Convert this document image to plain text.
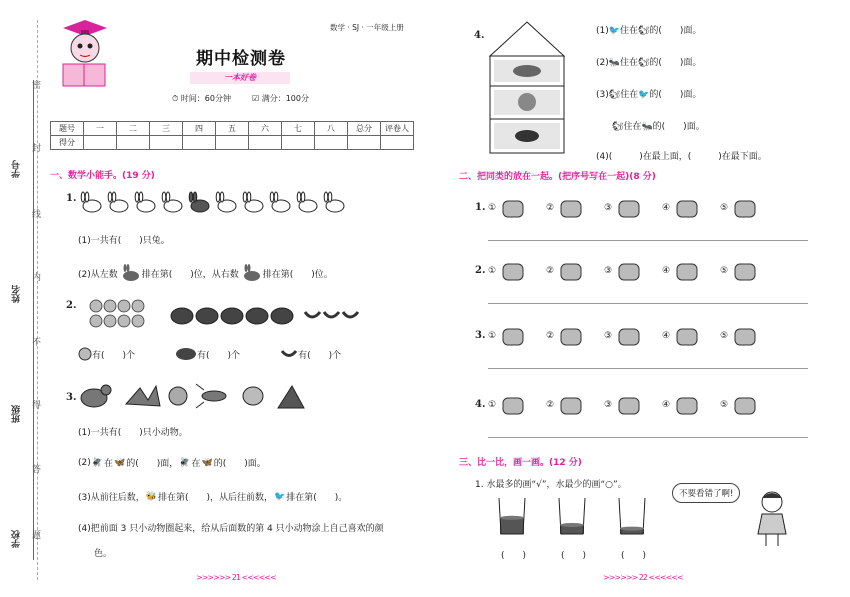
学号
姓名
班级
学校
密
封
线
内
不
得
答
题
数学 · SJ · 一年级上册
期中检测卷
一本好卷
⏱ 时间：60分钟	☑ 满分：100分
题号	一	二	三	四	五	六	七	八	总分	评卷人
得分										
一、数学小能手。(19 分)
1.
(1)一共有(　　)只兔。
(2)从左数	排在第(　　)位，从右数	排在第(　　)位。
2.
有(　　)个	有(　　)个	有(　　)个
3.
(1)一共有(　　)只小动物。
(2) 🪰 在 🦋 的(　　)面， 🪰 在 🦋 的(　　)面。
(3)从前往后数， 🐝 排在第(　　)，从后往前数， 🐦 排在第(　　)。
(4)把前面 3 只小动物圈起来，给从后面数的第 4 只小动物涂上自己喜欢的颜
色。
>>>>>> 21 <<<<<<
4.	(1)🐦住在🐿的(　　)面。
(2)🐜住在🐿的(　　)面。
(3)🐿住在🐦的(　　)面。
🐿住在🐜的(　　)面。
(4)(　　　)在最上面，(　　　)在最下面。
二、把同类的放在一起。(把序号写在一起)(8 分)
1. ①	②	③	④	⑤
2. ①	②	③	④	⑤
3. ①	②	③	④	⑤
4. ①	②	③	④	⑤
三、比一比，画一画。(12 分)
1. 水最多的画“√”，水最少的画“○”。
(　　)	(　　)	(　　)
不要看错了啊!
>>>>>> 22 <<<<<<
